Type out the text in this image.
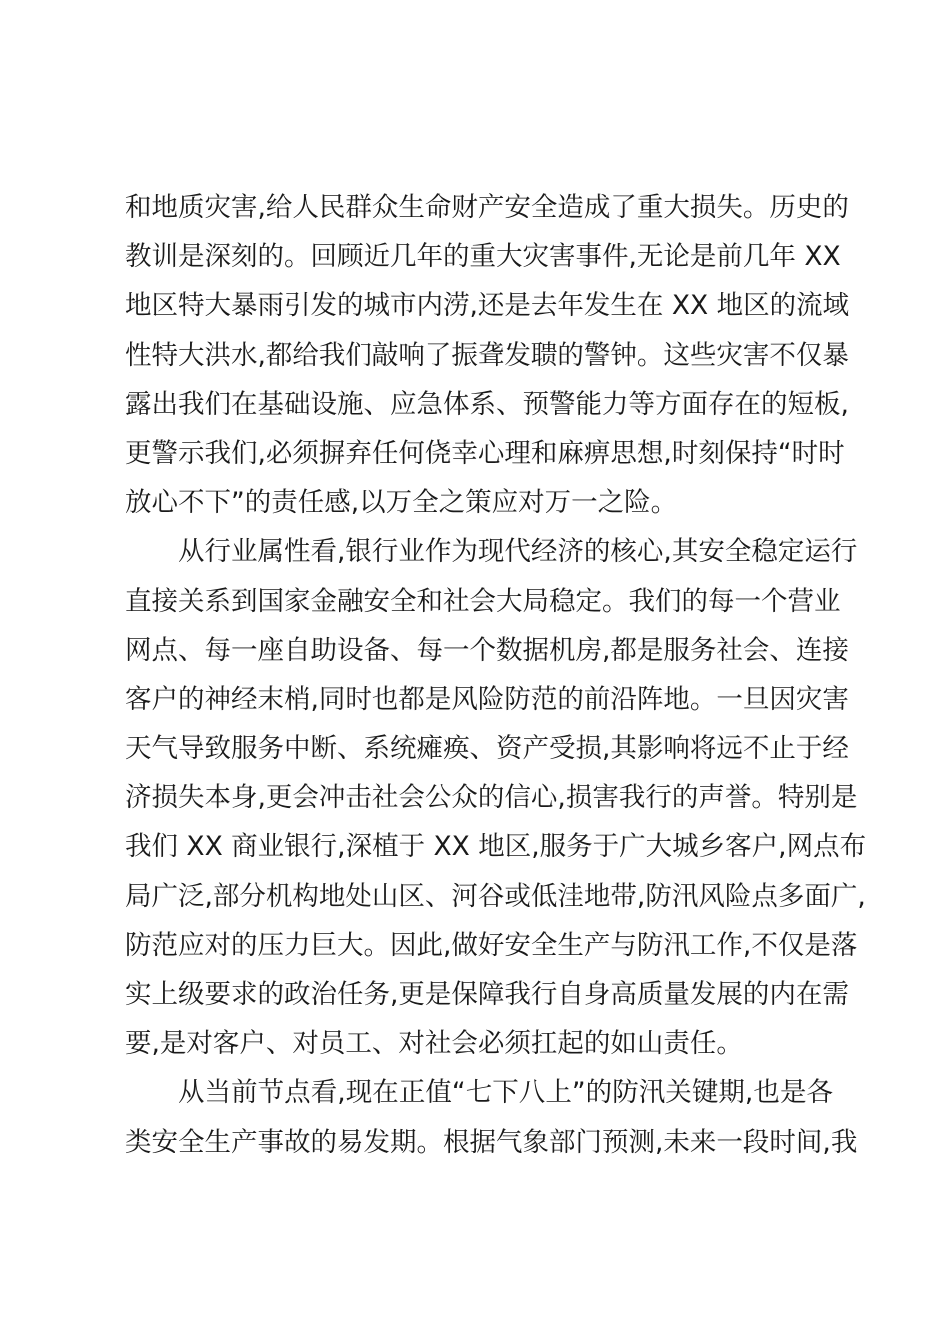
和地质灾害,给人民群众生命财产安全造成了重大损失。历史的
教训是深刻的。回顾近几年的重大灾害事件,无论是前几年 XX
地区特大暴雨引发的城市内涝,还是去年发生在 XX 地区的流域
性特大洪水,都给我们敲响了振聋发聩的警钟。这些灾害不仅暴
露出我们在基础设施、应急体系、预警能力等方面存在的短板,
更警示我们,必须摒弃任何侥幸心理和麻痹思想,时刻保持“时时
放心不下”的责任感,以万全之策应对万一之险。
从行业属性看,银行业作为现代经济的核心,其安全稳定运行
直接关系到国家金融安全和社会大局稳定。我们的每一个营业
网点、每一座自助设备、每一个数据机房,都是服务社会、连接
客户的神经末梢,同时也都是风险防范的前沿阵地。一旦因灾害
天气导致服务中断、系统瘫痪、资产受损,其影响将远不止于经
济损失本身,更会冲击社会公众的信心,损害我行的声誉。特别是
我们 XX 商业银行,深植于 XX 地区,服务于广大城乡客户,网点布
局广泛,部分机构地处山区、河谷或低洼地带,防汛风险点多面广,
防范应对的压力巨大。因此,做好安全生产与防汛工作,不仅是落
实上级要求的政治任务,更是保障我行自身高质量发展的内在需
要,是对客户、对员工、对社会必须扛起的如山责任。
从当前节点看,现在正值“七下八上”的防汛关键期,也是各
类安全生产事故的易发期。根据气象部门预测,未来一段时间,我
